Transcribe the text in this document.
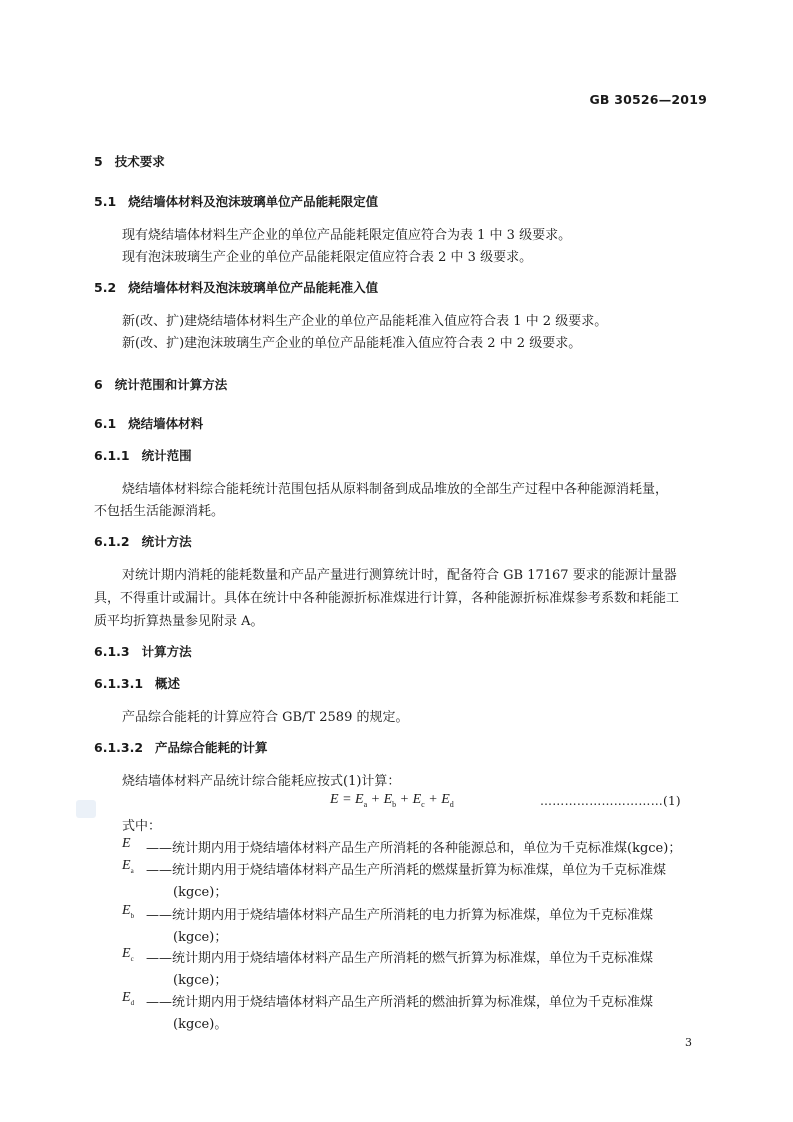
GB 30526—2019
5 技术要求
5.1 烧结墙体材料及泡沫玻璃单位产品能耗限定值
现有烧结墙体材料生产企业的单位产品能耗限定值应符合为表 1 中 3 级要求。
现有泡沫玻璃生产企业的单位产品能耗限定值应符合表 2 中 3 级要求。
5.2 烧结墙体材料及泡沫玻璃单位产品能耗准入值
新(改、扩)建烧结墙体材料生产企业的单位产品能耗准入值应符合表 1 中 2 级要求。
新(改、扩)建泡沫玻璃生产企业的单位产品能耗准入值应符合表 2 中 2 级要求。
6 统计范围和计算方法
6.1 烧结墙体材料
6.1.1 统计范围
烧结墙体材料综合能耗统计范围包括从原料制备到成品堆放的全部生产过程中各种能源消耗量，
不包括生活能源消耗。
6.1.2 统计方法
对统计期内消耗的能耗数量和产品产量进行测算统计时，配备符合 GB 17167 要求的能源计量器
具，不得重计或漏计。具体在统计中各种能源折标准煤进行计算，各种能源折标准煤参考系数和耗能工
质平均折算热量参见附录 A。
6.1.3 计算方法
6.1.3.1 概述
产品综合能耗的计算应符合 GB/T 2589 的规定。
6.1.3.2 产品综合能耗的计算
烧结墙体材料产品统计综合能耗应按式(1)计算：
$E = E_a + E_b + E_c + E_d$	…………………………(1)
式中：
E ——统计期内用于烧结墙体材料产品生产所消耗的各种能源总和，单位为千克标准煤(kgce)；
$E_a$ ——统计期内用于烧结墙体材料产品生产所消耗的燃煤量折算为标准煤，单位为千克标准煤
(kgce)；
$E_b$ ——统计期内用于烧结墙体材料产品生产所消耗的电力折算为标准煤，单位为千克标准煤
(kgce)；
$E_c$ ——统计期内用于烧结墙体材料产品生产所消耗的燃气折算为标准煤，单位为千克标准煤
(kgce)；
$E_d$ ——统计期内用于烧结墙体材料产品生产所消耗的燃油折算为标准煤，单位为千克标准煤
(kgce)。
3
